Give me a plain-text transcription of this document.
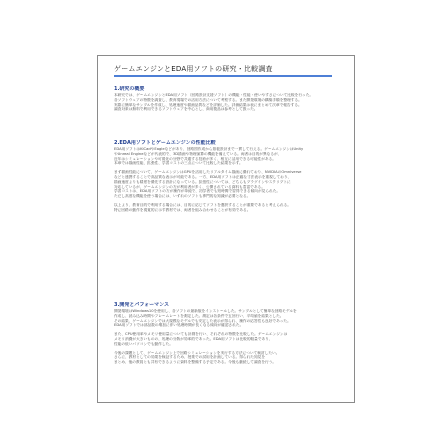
ゲームエンジンとEDA用ソフトの研究・比較調査
1.研究の概要
本研究では、ゲームエンジンとEDA用ソフト（回路設計支援ソフト）の機能・性能・使いやすさについて比較を行った。
各ソフトウェアの特徴を調査し、教育現場での活用方法について考察する。また開発環境の構築手順を整理する。
実際に簡単なサンプルを作成し、処理速度や描画品質などを評価した。評価結果は表にまとめて次章で報告する。
調査対象は無料で利用できるソフトウェアを中心とし、商用製品は参考として扱った。
2.EDA用ソフトとゲームエンジンの性能比較
EDA用ソフトはKiCadやEagleなどがあり、回路図作成から基板設計まで一貫して行える。ゲームエンジンはUnity
やUnreal Engineなどが代表的で、3D描画や物理演算の機能を備えている。両者は目的が異なるが、
近年はシミュレーションや可視化の分野で共通する技術が多く、相互に活用できる可能性がある。
本章では描画性能、拡張性、学習コストの三点について比較した結果を示す。
まず描画性能について、ゲームエンジンはGPUを活用したリアルタイム描画に優れており、NVIDIAのOmniverse
などと連携することで高品質な表示が可能である。一方、EDA用ソフトは正確な寸法表示を重視しており、
描画速度よりも精度を優先する設計になっている。拡張性については、どちらもプラグインやスクリプトに
対応しているが、ゲームエンジンの方が利用者が多く、公開されている資料も豊富である。
学習コストは、EDA用ソフトの方が操作が単純で、初学者でも短時間で習得できる傾向が見られた。
ただし高度な機能を使う場合には、いずれのソフトも専門的な知識が必要となる。
以上より、教育目的で利用する場合には、目的に応じてソフトを選択することが重要であると考えられる。
特に回路の動作を視覚的に示す教材では、両者を組み合わせることが有効である。
3.開発とパフォーマンス
開発環境はWindows10を使用し、各ソフトの最新版をインストールした。サンプルとして簡単な回路モデルを
作成し、読み込み時間やフレームレートを測定した。測定は各条件で五回行い、平均値を結果とした。
その結果、ゲームエンジンでは大規模なモデルでも安定した表示が得られ、操作の応答性も良好であった。
EDA用ソフトでは部品数の増加に伴い処理時間が長くなる傾向が確認された。
また、CPU使用率やメモリ使用量についても計測を行い、それぞれの特徴を比較した。ゲームエンジンは
メモリ消費が大きいものの、処理の分散が効率的であった。EDA用ソフトは比較的軽量であり、
性能の低いパソコンでも動作した。
今後の課題として、ゲームエンジン上で回路シミュレーションを実行する方法について検討したい。
さらに、教材としての効果を検証するため、授業での試用を計画している。得られた知見を
まとめ、他の教員とも共有できるように資料を整備する予定である。今後も継続して調査を行う。
